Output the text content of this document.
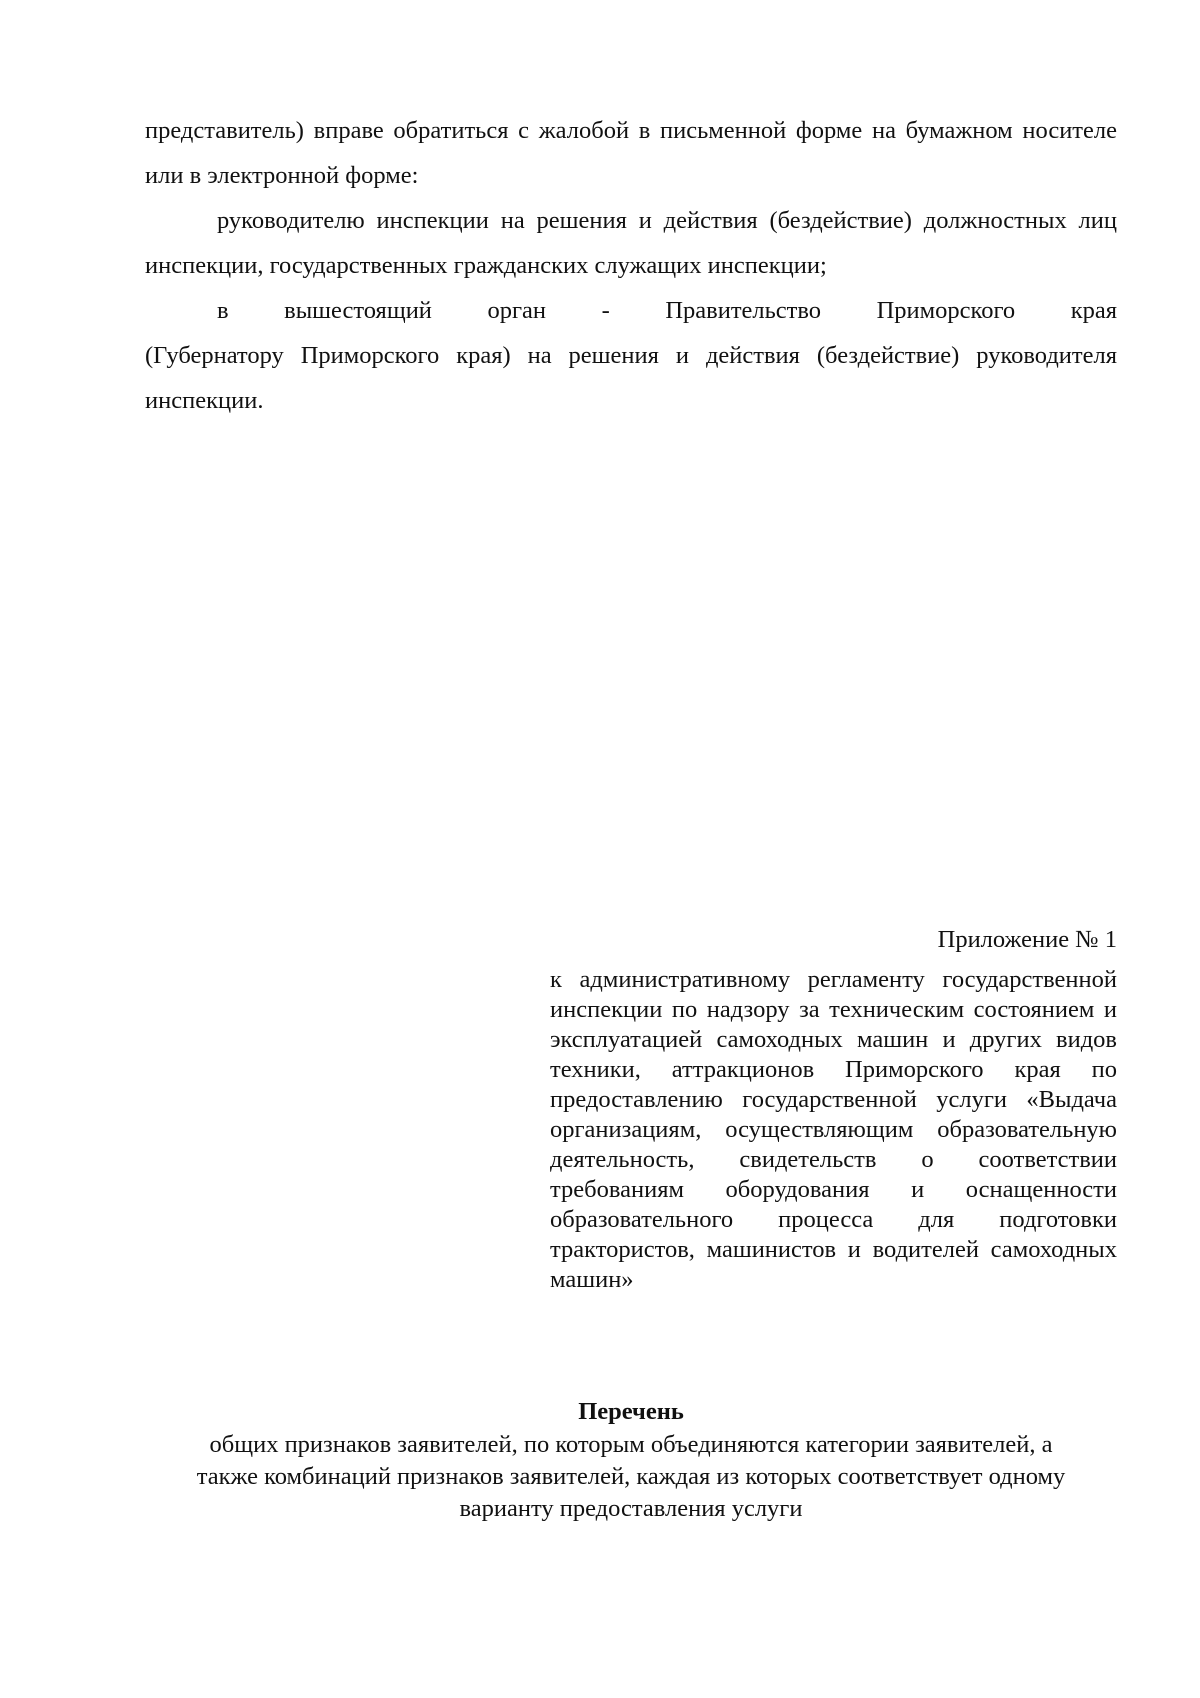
представитель) вправе обратиться с жалобой в письменной форме на бумажном носителе или в электронной форме:

руководителю инспекции на решения и действия (бездействие) должностных лиц инспекции, государственных гражданских служащих инспекции;

в вышестоящий орган - Правительство Приморского края

(Губернатору Приморского края) на решения и действия (бездействие) руководителя инспекции.

Приложение № 1

к административному регламенту государственной инспекции по надзору за техническим состоянием и эксплуатацией самоходных машин и других видов техники, аттракционов Приморского края по предоставлению государственной услуги «Выдача организациям, осуществляющим образовательную деятельность, свидетельств о соответствии требованиям оборудования и оснащенности образовательного процесса для подготовки трактористов, машинистов и водителей самоходных машин»

Перечень

общих признаков заявителей, по которым объединяются категории заявителей, а
также комбинаций признаков заявителей, каждая из которых соответствует одному
варианту предоставления услуги
